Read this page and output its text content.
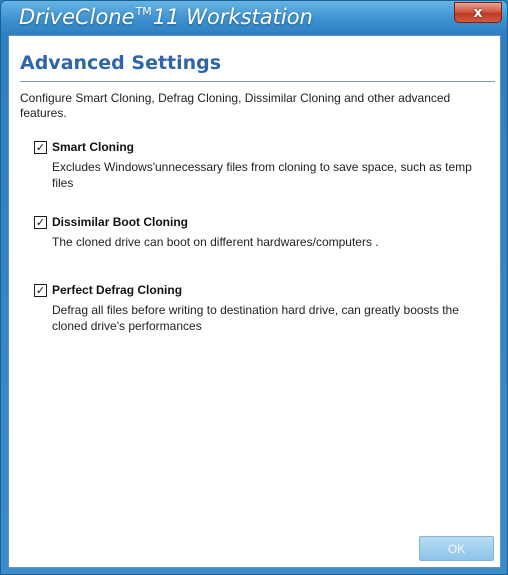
DriveClone™11 Workstation	x
Advanced Settings
Configure Smart Cloning, Defrag Cloning, Dissimilar Cloning and other advanced features.
✓ Smart Cloning
Excludes Windows'unnecessary files from cloning to save space, such as temp files
✓ Dissimilar Boot Cloning
The cloned drive can boot on different hardwares/computers .
✓ Perfect Defrag Cloning
Defrag all files before writing to destination hard drive, can greatly boosts the cloned drive's performances
OK
